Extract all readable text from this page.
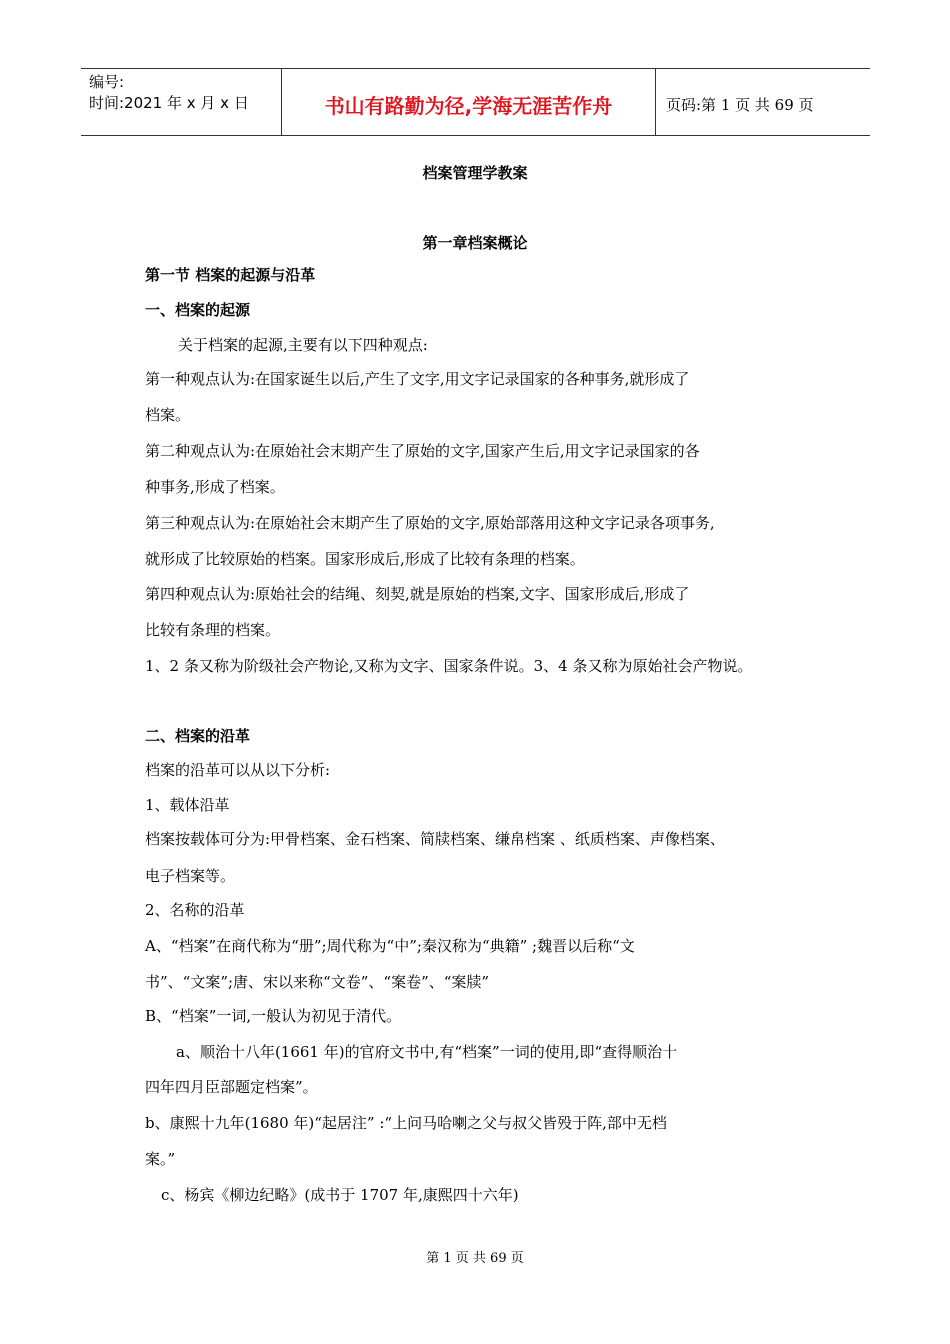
编号:
时间:2021 年 x 月 x 日	书山有路勤为径,学海无涯苦作舟	页码:第 1 页 共 69 页
档案管理学教案
第一章档案概论
第一节 档案的起源与沿革
一、档案的起源
关于档案的起源,主要有以下四种观点:
第一种观点认为:在国家诞生以后,产生了文字,用文字记录国家的各种事务,就形成了
档案。
第二种观点认为:在原始社会末期产生了原始的文字,国家产生后,用文字记录国家的各
种事务,形成了档案。
第三种观点认为:在原始社会末期产生了原始的文字,原始部落用这种文字记录各项事务,
就形成了比较原始的档案。国家形成后,形成了比较有条理的档案。
第四种观点认为:原始社会的结绳、刻契,就是原始的档案,文字、国家形成后,形成了
比较有条理的档案。
1、2 条又称为阶级社会产物论,又称为文字、国家条件说。3、4 条又称为原始社会产物说。
二、档案的沿革
档案的沿革可以从以下分析:
1、载体沿革
档案按载体可分为:甲骨档案、金石档案、简牍档案、缣帛档案 、纸质档案、声像档案、
电子档案等。
2、名称的沿革
A、“档案”在商代称为“册”;周代称为“中”;秦汉称为“典籍” ;魏晋以后称“文
书”、“文案”;唐、宋以来称“文卷”、“案卷”、“案牍”
B、“档案”一词,一般认为初见于清代。
a、顺治十八年(1661 年)的官府文书中,有“档案”一词的使用,即“查得顺治十
四年四月臣部题定档案”。
b、康熙十九年(1680 年)“起居注” :“上问马哈喇之父与叔父皆殁于阵,部中无档
案。”
c、杨宾《柳边纪略》(成书于 1707 年,康熙四十六年)
第 1 页 共 69 页
